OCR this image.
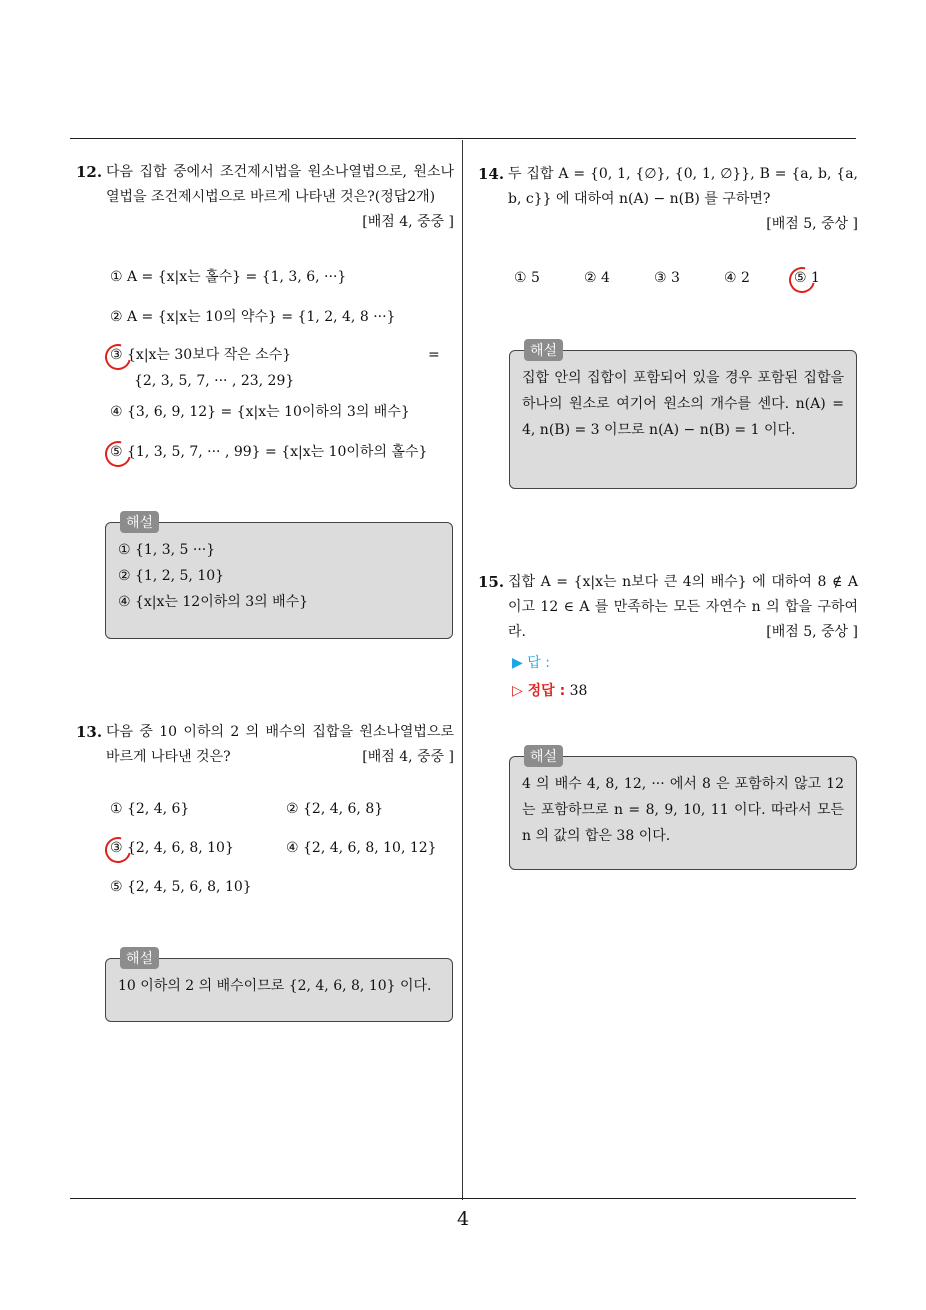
4
12. 다음 집합 중에서 조건제시법을 원소나열법으로, 원소나열법을 조건제시법으로 바르게 나타낸 것은?(정답2개)
[배점 4, 중중 ]
① A = {x|x는 홀수} = {1, 3, 6, ···}
② A = {x|x는 10의 약수} = {1, 2, 4, 8 ···}
③ {x|x는 30보다 작은 소수}	=
{2, 3, 5, 7, ··· , 23, 29}
④ {3, 6, 9, 12} = {x|x는 10이하의 3의 배수}
⑤ {1, 3, 5, 7, ··· , 99} = {x|x는 10이하의 홀수}
해설
① {1, 3, 5 ···}
② {1, 2, 5, 10}
④ {x|x는 12이하의 3의 배수}
13. 다음 중 10 이하의 2 의 배수의 집합을 원소나열법으로 바르게 나타낸 것은?	[배점 4, 중중 ]
① {2, 4, 6}	② {2, 4, 6, 8}
③ {2, 4, 6, 8, 10}	④ {2, 4, 6, 8, 10, 12}
⑤ {2, 4, 5, 6, 8, 10}
해설
10 이하의 2 의 배수이므로 {2, 4, 6, 8, 10} 이다.
14. 두 집합 A = {0, 1, {∅}, {0, 1, ∅}}, B = {a, b, {a, b, c}} 에 대하여 n(A) − n(B) 를 구하면?
[배점 5, 중상 ]
① 5	② 4	③ 3	④ 2	⑤ 1
해설
집합 안의 집합이 포함되어 있을 경우 포함된 집합을 하나의 원소로 여기어 원소의 개수를 센다. n(A) = 4, n(B) = 3 이므로 n(A) − n(B) = 1 이다.
15. 집합 A = {x|x는 n보다 큰 4의 배수} 에 대하여 8 ∉ A 이고 12 ∈ A 를 만족하는 모든 자연수 n 의 합을 구하여라.	[배점 5, 중상 ]
▶ 답 :
▷ 정답 : 38
해설
4 의 배수 4, 8, 12, ··· 에서 8 은 포함하지 않고 12 는 포함하므로 n = 8, 9, 10, 11 이다. 따라서 모든 n 의 값의 합은 38 이다.
